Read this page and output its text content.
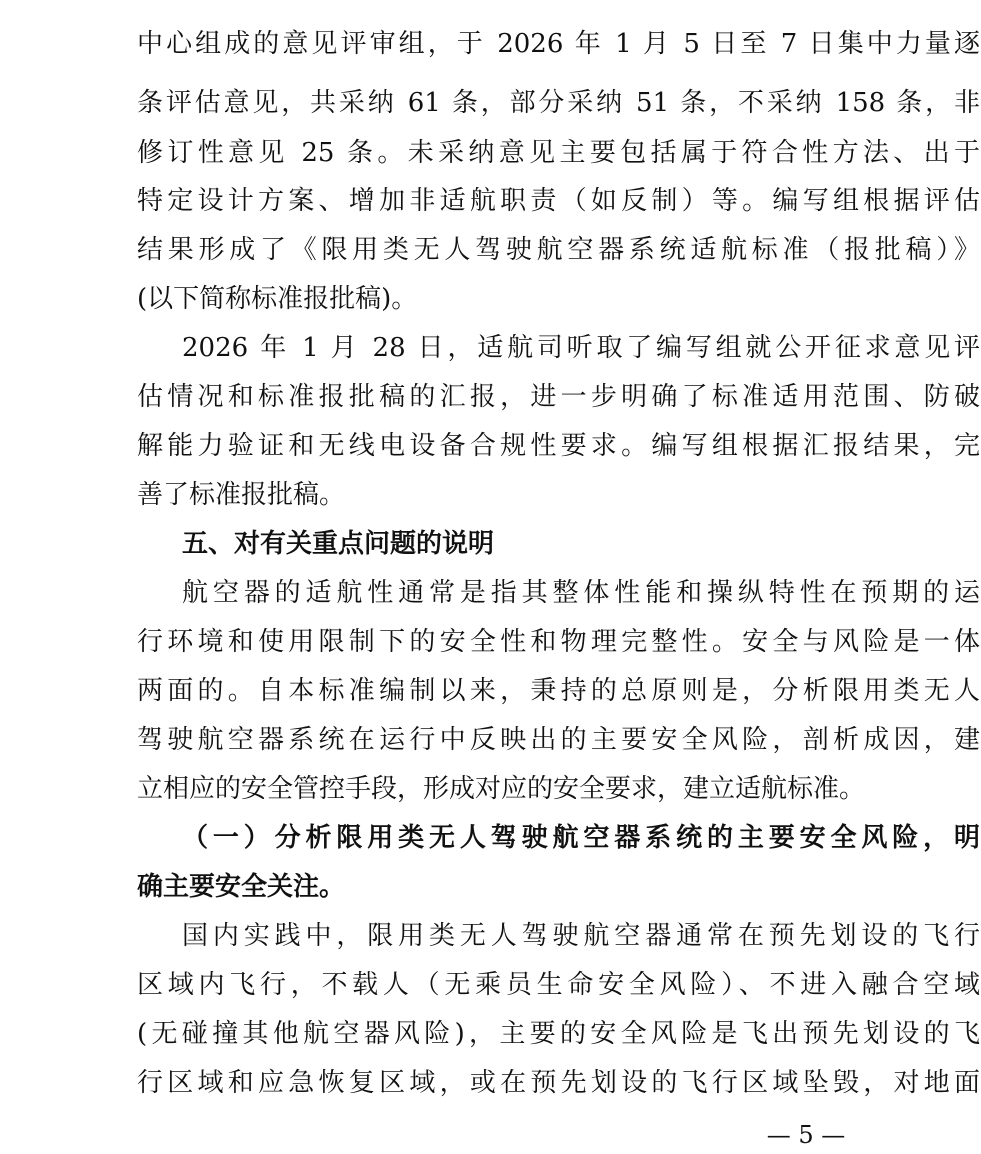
中心组成的意见评审组，于 2026 年 1 月 5 日至 7 日集中力量逐
条评估意见，共采纳 61 条，部分采纳 51 条，不采纳 158 条，非
修订性意见 25 条。未采纳意见主要包括属于符合性方法、出于
特定设计方案、增加非适航职责（如反制）等。编写组根据评估
结果形成了《限用类无人驾驶航空器系统适航标准（报批稿）》
(以下简称标准报批稿)。
2026 年 1 月 28 日，适航司听取了编写组就公开征求意见评
估情况和标准报批稿的汇报，进一步明确了标准适用范围、防破
解能力验证和无线电设备合规性要求。编写组根据汇报结果，完
善了标准报批稿。
五、对有关重点问题的说明
航空器的适航性通常是指其整体性能和操纵特性在预期的运
行环境和使用限制下的安全性和物理完整性。安全与风险是一体
两面的。自本标准编制以来，秉持的总原则是，分析限用类无人
驾驶航空器系统在运行中反映出的主要安全风险，剖析成因，建
立相应的安全管控手段，形成对应的安全要求，建立适航标准。
（一）分析限用类无人驾驶航空器系统的主要安全风险，明
确主要安全关注。
国内实践中，限用类无人驾驶航空器通常在预先划设的飞行
区域内飞行，不载人（无乘员生命安全风险）、不进入融合空域
(无碰撞其他航空器风险)，主要的安全风险是飞出预先划设的飞
行区域和应急恢复区域，或在预先划设的飞行区域坠毁，对地面
— 5 —
